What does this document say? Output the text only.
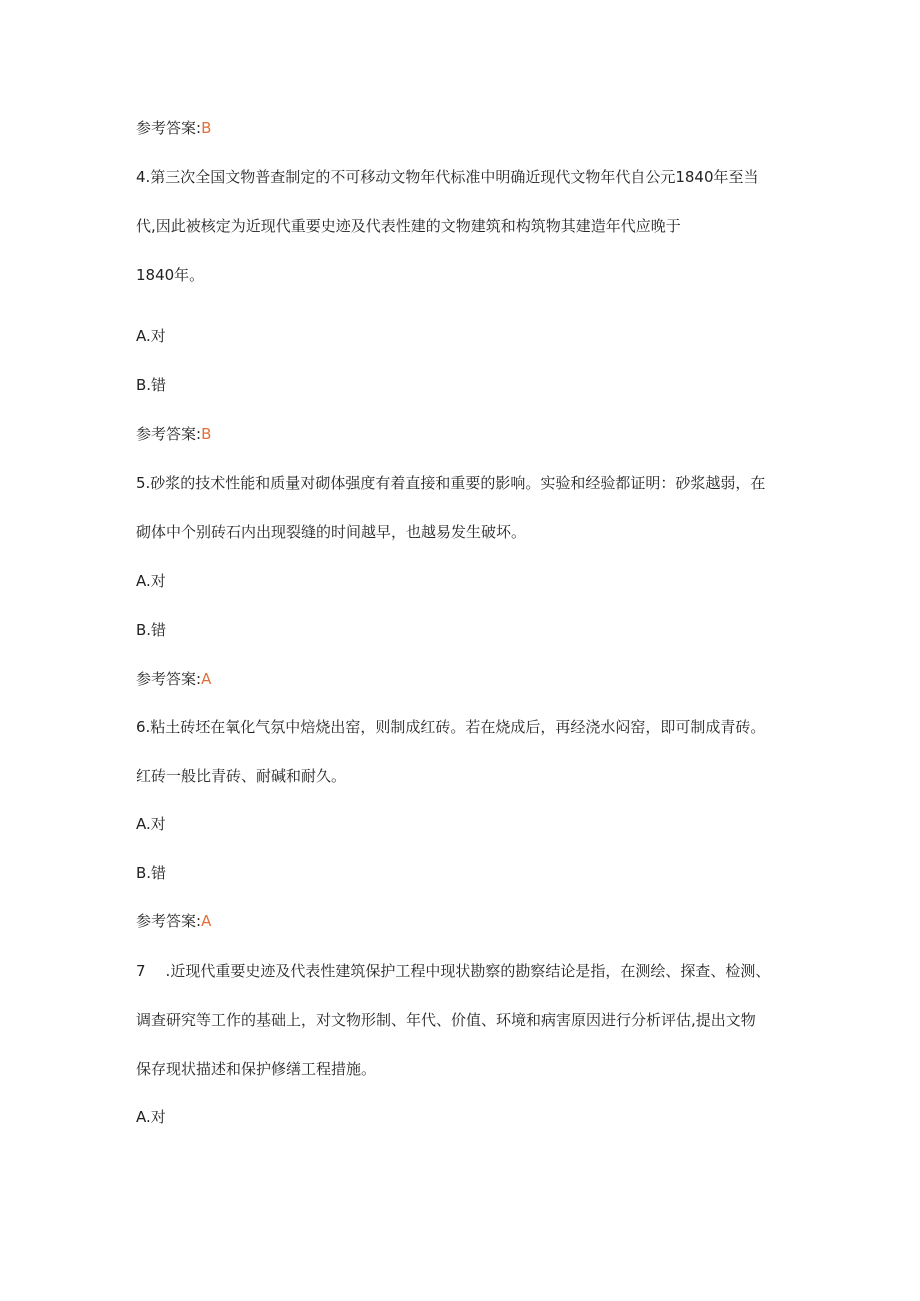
参考答案:B
4.第三次全国文物普查制定的不可移动文物年代标准中明确近现代文物年代自公元1840年至当
代,因此被核定为近现代重要史迹及代表性建的文物建筑和构筑物其建造年代应晚于
1840年。
A.对
B.错
参考答案:B
5.砂浆的技术性能和质量对砌体强度有着直接和重要的影响。实验和经验都证明：砂浆越弱，在
砌体中个别砖石内出现裂缝的时间越早，也越易发生破坏。
A.对
B.错
参考答案:A
6.粘土砖坯在氧化气氛中焙烧出窑，则制成红砖。若在烧成后，再经浇水闷窑，即可制成青砖。
红砖一般比青砖、耐碱和耐久。
A.对
B.错
参考答案:A
7 .近现代重要史迹及代表性建筑保护工程中现状勘察的勘察结论是指，在测绘、探查、检测、
调查研究等工作的基础上，对文物形制、年代、价值、环境和病害原因进行分析评估,提出文物
保存现状描述和保护修缮工程措施。
A.对
